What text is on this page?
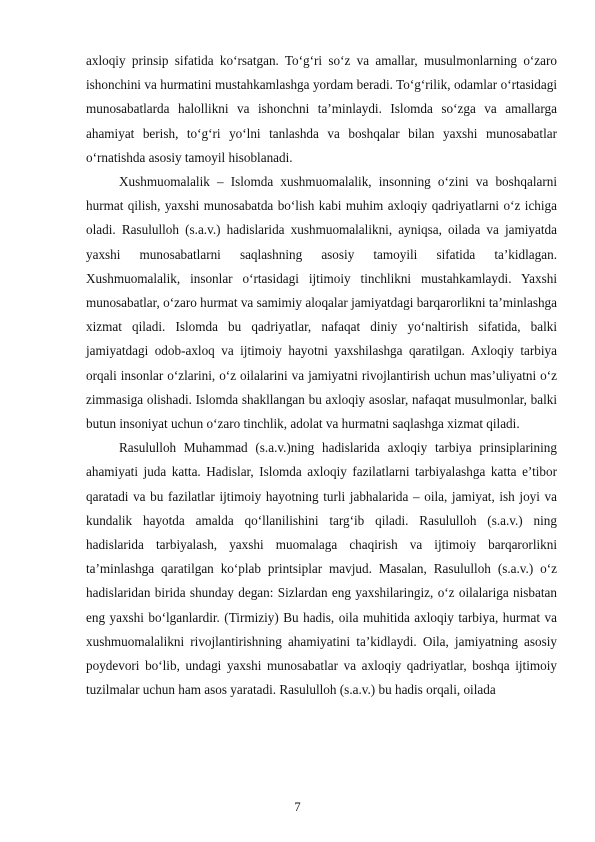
axloqiy prinsip sifatida ko‘rsatgan. To‘g‘ri so‘z va amallar, musulmonlarning o‘zaro ishonchini va hurmatini mustahkamlashga yordam beradi. To‘g‘rilik, odamlar o‘rtasidagi munosabatlarda halollikni va ishonchni ta’minlaydi. Islomda so‘zga va amallarga ahamiyat berish, to‘g‘ri yo‘lni tanlashda va boshqalar bilan yaxshi munosabatlar o‘rnatishda asosiy tamoyil hisoblanadi.

Xushmuomalalik – Islomda xushmuomalalik, insonning o‘zini va boshqalarni hurmat qilish, yaxshi munosabatda bo‘lish kabi muhim axloqiy qadriyatlarni o‘z ichiga oladi. Rasululloh (s.a.v.) hadislarida xushmuomalalikni, ayniqsa, oilada va jamiyatda yaxshi munosabatlarni saqlashning asosiy tamoyili sifatida ta’kidlagan. Xushmuomalalik, insonlar o‘rtasidagi ijtimoiy tinchlikni mustahkamlaydi. Yaxshi munosabatlar, o‘zaro hurmat va samimiy aloqalar jamiyatdagi barqarorlikni ta’minlashga xizmat qiladi. Islomda bu qadriyatlar, nafaqat diniy yo‘naltirish sifatida, balki jamiyatdagi odob-axloq va ijtimoiy hayotni yaxshilashga qaratilgan. Axloqiy tarbiya orqali insonlar o‘zlarini, o‘z oilalarini va jamiyatni rivojlantirish uchun mas’uliyatni o‘z zimmasiga olishadi. Islomda shakllangan bu axloqiy asoslar, nafaqat musulmonlar, balki butun insoniyat uchun o‘zaro tinchlik, adolat va hurmatni saqlashga xizmat qiladi.

Rasululloh Muhammad (s.a.v.)ning hadislarida axloqiy tarbiya prinsiplarining ahamiyati juda katta. Hadislar, Islomda axloqiy fazilatlarni tarbiyalashga katta e’tibor qaratadi va bu fazilatlar ijtimoiy hayotning turli jabhalarida – oila, jamiyat, ish joyi va kundalik hayotda amalda qo‘llanilishini targ‘ib qiladi. Rasululloh (s.a.v.) ning hadislarida tarbiyalash, yaxshi muomalaga chaqirish va ijtimoiy barqarorlikni ta’minlashga qaratilgan ko‘plab printsiplar mavjud. Masalan, Rasululloh (s.a.v.) o‘z hadislaridan birida shunday degan: Sizlardan eng yaxshilaringiz, o‘z oilalariga nisbatan eng yaxshi bo‘lganlardir. (Tirmiziy) Bu hadis, oila muhitida axloqiy tarbiya, hurmat va xushmuomalalikni rivojlantirishning ahamiyatini ta’kidlaydi. Oila, jamiyatning asosiy poydevori bo‘lib, undagi yaxshi munosabatlar va axloqiy qadriyatlar, boshqa ijtimoiy tuzilmalar uchun ham asos yaratadi. Rasululloh (s.a.v.) bu hadis orqali, oilada

7
